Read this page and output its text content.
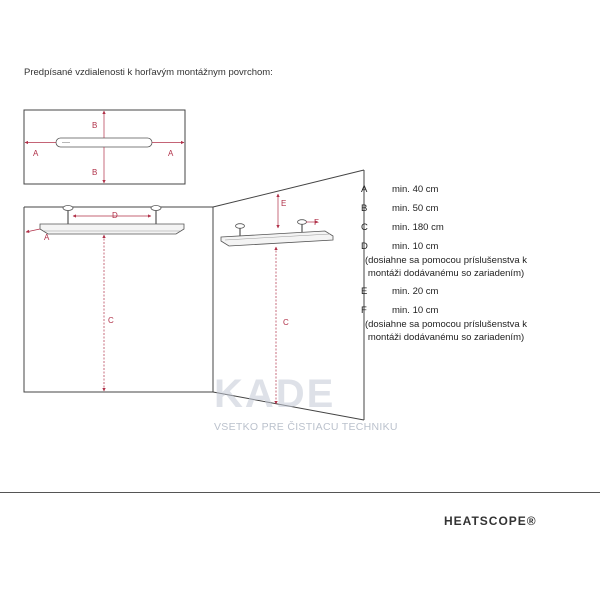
Predpísané vzdialenosti k horľavým montážnym povrchom:
A	A
B
B
D
A
C
E
F
C
A	min. 40 cm
B	min. 50 cm
C	min. 180 cm
D	min. 10 cm
(dosiahne sa pomocou príslušenstva k montáži dodávanému so zariadením)
E	min. 20 cm
F	min. 10 cm
(dosiahne sa pomocou príslušenstva k montáži dodávanému so zariadením)
KADE
VSETKO PRE ČISTIACU TECHNIKU
HEATSCOPE®
